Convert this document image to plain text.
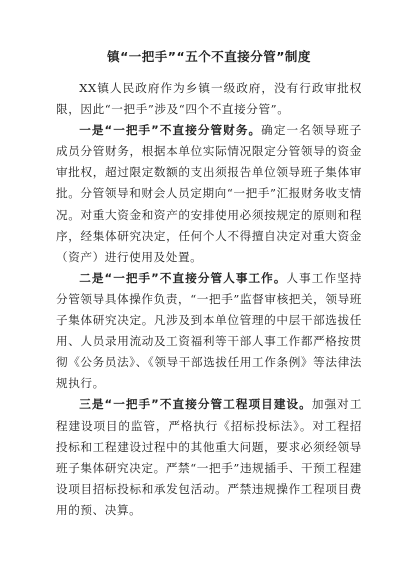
镇“一把手”“五个不直接分管”制度

XX镇人民政府作为乡镇一级政府，没有行政审批权限，因此“一把手”涉及“四个不直接分管”。

一是“一把手”不直接分管财务。确定一名领导班子成员分管财务，根据本单位实际情况限定分管领导的资金审批权，超过限定数额的支出须报告单位领导班子集体审批。分管领导和财会人员定期向“一把手”汇报财务收支情况。对重大资金和资产的安排使用必须按规定的原则和程序，经集体研究决定，任何个人不得擅自决定对重大资金（资产）进行使用及处置。

二是“一把手”不直接分管人事工作。人事工作坚持分管领导具体操作负责，“一把手”监督审核把关，领导班子集体研究决定。凡涉及到本单位管理的中层干部选拔任用、人员录用流动及工资福利等干部人事工作都严格按贯彻《公务员法》、《领导干部选拔任用工作条例》等法律法规执行。

三是“一把手”不直接分管工程项目建设。加强对工程建设项目的监管，严格执行《招标投标法》。对工程招投标和工程建设过程中的其他重大问题，要求必须经领导班子集体研究决定。严禁“一把手”违规插手、干预工程建设项目招标投标和承发包活动。严禁违规操作工程项目费用的预、决算。
